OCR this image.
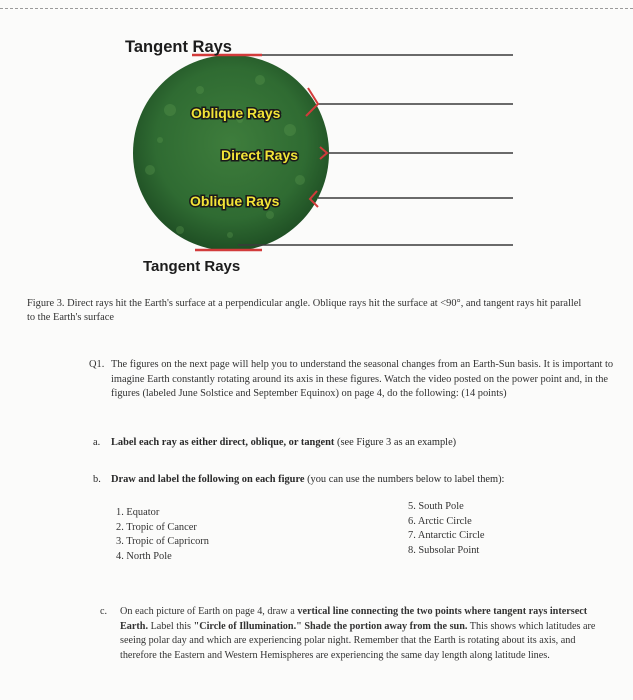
Tangent Rays
Tangent Rays
Oblique Rays
Direct Rays
Oblique Rays
Figure 3. Direct rays hit the Earth's surface at a perpendicular angle. Oblique rays hit the surface at <90°, and tangent rays hit parallel to the Earth's surface
Q1. The figures on the next page will help you to understand the seasonal changes from an Earth-Sun basis. It is important to imagine Earth constantly rotating around its axis in these figures. Watch the video posted on the power point and, in the figures (labeled June Solstice and September Equinox) on page 4, do the following: (14 points)
a. Label each ray as either direct, oblique, or tangent (see Figure 3 as an example)
b. Draw and label the following on each figure (you can use the numbers below to label them):
1. Equator
2. Tropic of Cancer
3. Tropic of Capricorn
4. North Pole
5. South Pole
6. Arctic Circle
7. Antarctic Circle
8. Subsolar Point
c.	On each picture of Earth on page 4, draw a vertical line connecting the two points where tangent rays intersect Earth. Label this "Circle of Illumination." Shade the portion away from the sun. This shows which latitudes are seeing polar day and which are experiencing polar night. Remember that the Earth is rotating about its axis, and therefore the Eastern and Western Hemispheres are experiencing the same day length along latitude lines.
